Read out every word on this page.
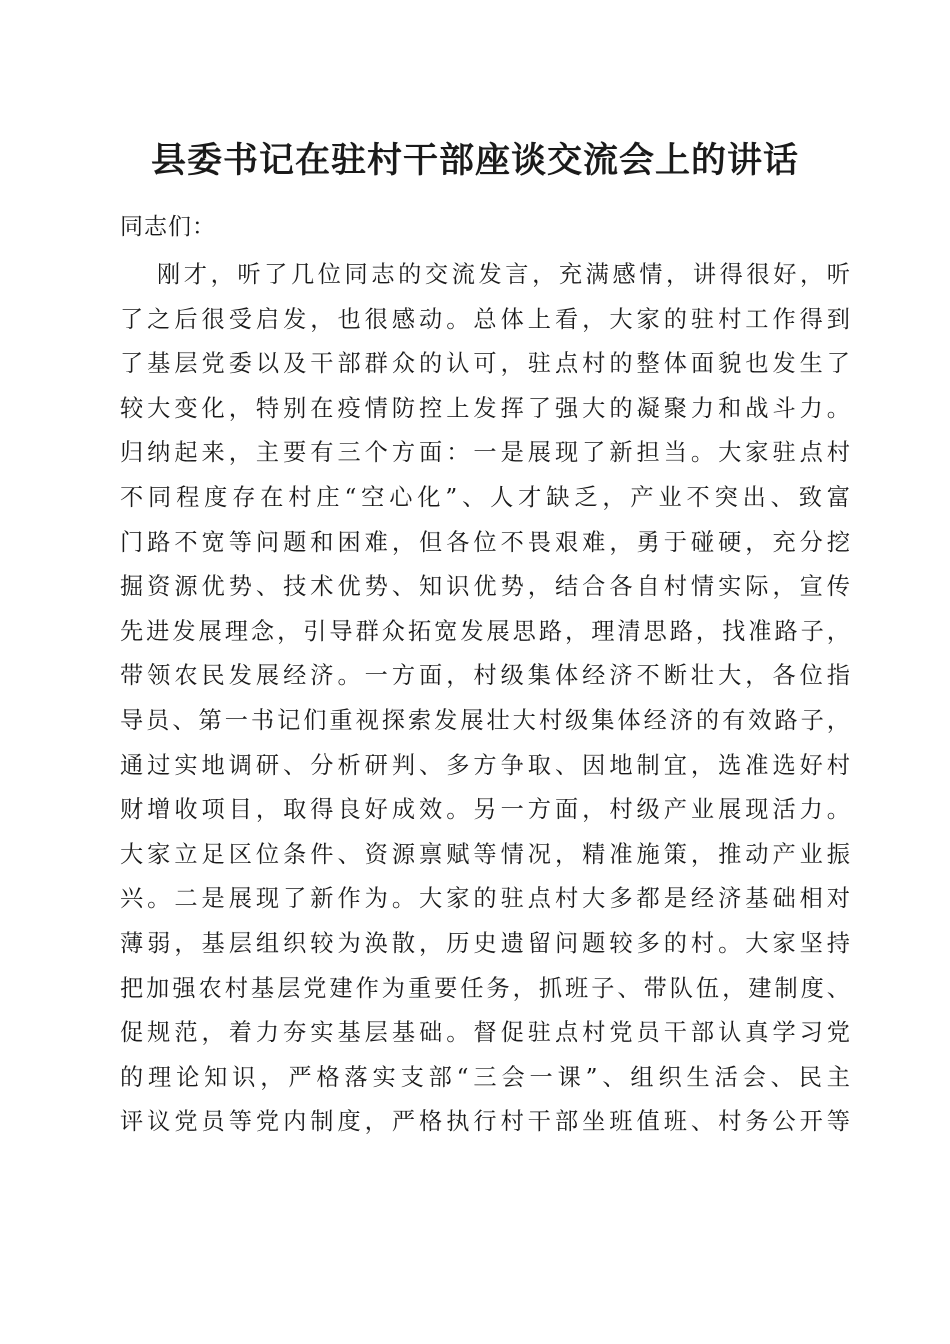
县委书记在驻村干部座谈交流会上的讲话
同志们：
刚才，听了几位同志的交流发言，充满感情，讲得很好，听
了之后很受启发，也很感动。总体上看，大家的驻村工作得到
了基层党委以及干部群众的认可，驻点村的整体面貌也发生了
较大变化，特别在疫情防控上发挥了强大的凝聚力和战斗力。
归纳起来，主要有三个方面：一是展现了新担当。大家驻点村
不同程度存在村庄“空心化”、人才缺乏，产业不突出、致富
门路不宽等问题和困难，但各位不畏艰难，勇于碰硬，充分挖
掘资源优势、技术优势、知识优势，结合各自村情实际，宣传
先进发展理念，引导群众拓宽发展思路，理清思路，找准路子，
带领农民发展经济。一方面，村级集体经济不断壮大，各位指
导员、第一书记们重视探索发展壮大村级集体经济的有效路子，
通过实地调研、分析研判、多方争取、因地制宜，选准选好村
财增收项目，取得良好成效。另一方面，村级产业展现活力。
大家立足区位条件、资源禀赋等情况，精准施策，推动产业振
兴。二是展现了新作为。大家的驻点村大多都是经济基础相对
薄弱，基层组织较为涣散，历史遗留问题较多的村。大家坚持
把加强农村基层党建作为重要任务，抓班子、带队伍，建制度、
促规范，着力夯实基层基础。督促驻点村党员干部认真学习党
的理论知识，严格落实支部“三会一课”、组织生活会、民主
评议党员等党内制度，严格执行村干部坐班值班、村务公开等
